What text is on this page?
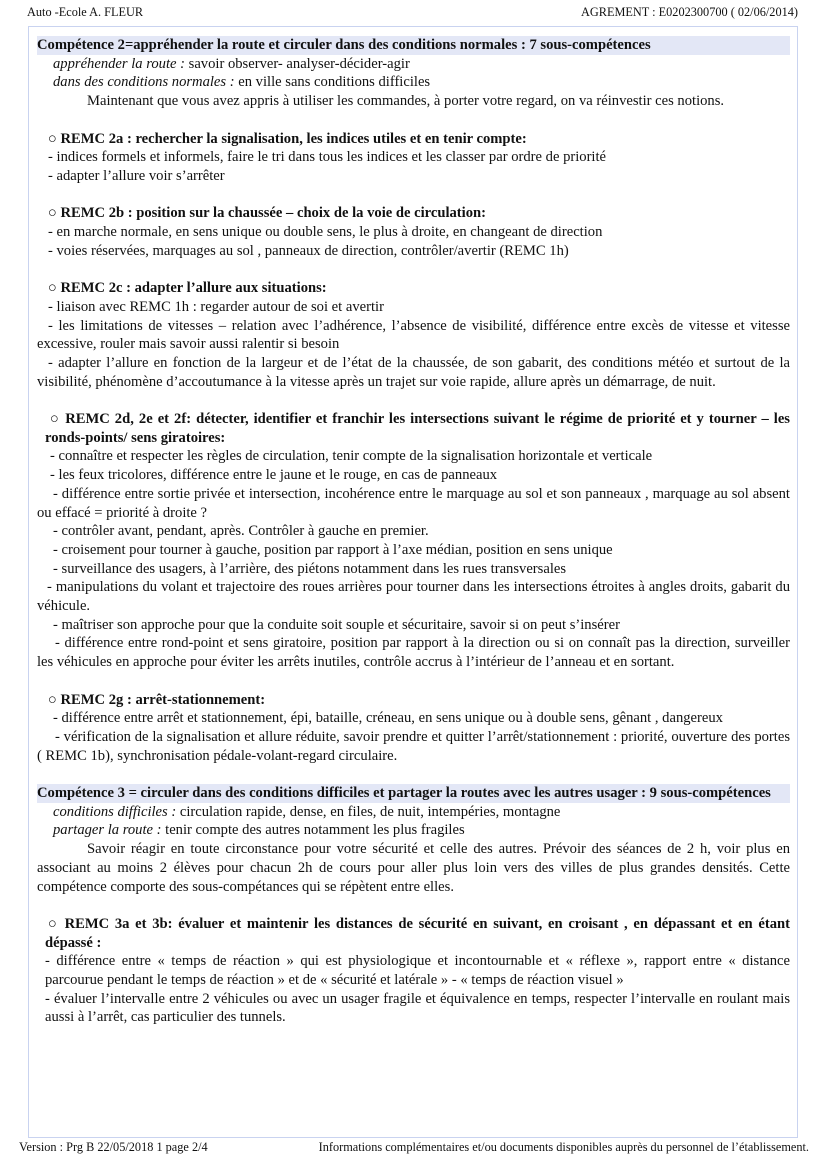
Auto -Ecole A. FLEUR	AGREMENT : E0202300700 ( 02/06/2014)

Compétence 2=appréhender la route et circuler dans des conditions normales : 7 sous-compétences

appréhender la route : savoir observer- analyser-décider-agir

dans des conditions normales : en ville sans conditions difficiles

Maintenant que vous avez appris à utiliser les commandes, à porter votre regard, on va réinvestir ces notions.

○ REMC 2a : rechercher la signalisation, les indices utiles et en tenir compte:

- indices formels et informels, faire le tri dans tous les indices et les classer par ordre de priorité

- adapter l’allure voir s’arrêter

○ REMC 2b : position sur la chaussée – choix de la voie de circulation:

- en marche normale, en sens unique ou double sens, le plus à droite, en changeant de direction

- voies réservées, marquages au sol , panneaux de direction, contrôler/avertir (REMC 1h)

○ REMC 2c : adapter l’allure aux situations:

- liaison avec REMC 1h : regarder autour de soi et avertir

- les limitations de vitesses – relation avec l’adhérence, l’absence de visibilité, différence entre excès de vitesse et vitesse excessive, rouler mais savoir aussi ralentir si besoin

- adapter l’allure en fonction de la largeur et de l’état de la chaussée, de son gabarit, des conditions météo et surtout de la visibilité, phénomène d’accoutumance à la vitesse après un trajet sur voie rapide, allure après un démarrage, de nuit.

○ REMC 2d, 2e et 2f: détecter, identifier et franchir les intersections suivant le régime de priorité et y tourner – les ronds-points/ sens giratoires:

- connaître et respecter les règles de circulation, tenir compte de la signalisation horizontale et verticale

- les feux tricolores, différence entre le jaune et le rouge, en cas de panneaux

- différence entre sortie privée et intersection, incohérence entre le marquage au sol et son panneaux , marquage au sol absent ou effacé = priorité à droite ?

- contrôler avant, pendant, après. Contrôler à gauche en premier.

- croisement pour tourner à gauche, position par rapport à l’axe médian, position en sens unique

- surveillance des usagers, à l’arrière, des piétons notamment dans les rues transversales

- manipulations du volant et trajectoire des roues arrières pour tourner dans les intersections étroites à angles droits, gabarit du véhicule.

- maîtriser son approche pour que la conduite soit souple et sécuritaire, savoir si on peut s’insérer

- différence entre rond-point et sens giratoire, position par rapport à la direction ou si on connaît pas la direction, surveiller les véhicules en approche pour éviter les arrêts inutiles, contrôle accrus à l’intérieur de l’anneau et en sortant.

○ REMC 2g : arrêt-stationnement:

- différence entre arrêt et stationnement, épi, bataille, créneau, en sens unique ou à double sens, gênant , dangereux

- vérification de la signalisation et allure réduite, savoir prendre et quitter l’arrêt/stationnement : priorité, ouverture des portes ( REMC 1b), synchronisation pédale-volant-regard circulaire.

Compétence 3 = circuler dans des conditions difficiles et partager la routes avec les autres usager : 9 sous-compétences

conditions difficiles : circulation rapide, dense, en files, de nuit, intempéries, montagne

partager la route : tenir compte des autres notamment les plus fragiles

Savoir réagir en toute circonstance pour votre sécurité et celle des autres. Prévoir des séances de 2 h, voir plus en associant au moins 2 élèves pour chacun 2h de cours pour aller plus loin vers des villes de plus grandes densités. Cette compétence comporte des sous-compétances qui se répètent entre elles.

○ REMC 3a et 3b: évaluer et maintenir les distances de sécurité en suivant, en croisant , en dépassant et en étant dépassé :

- différence entre « temps de réaction » qui est physiologique et incontournable et « réflexe », rapport entre « distance parcourue pendant le temps de réaction » et de « sécurité et latérale » - « temps de réaction visuel »

- évaluer l’intervalle entre 2 véhicules ou avec un usager fragile et équivalence en temps, respecter l’intervalle en roulant mais aussi à l’arrêt, cas particulier des tunnels.

Version : Prg B 22/05/2018 1 page 2/4	Informations complémentaires et/ou documents disponibles auprès du personnel de l’établissement.
